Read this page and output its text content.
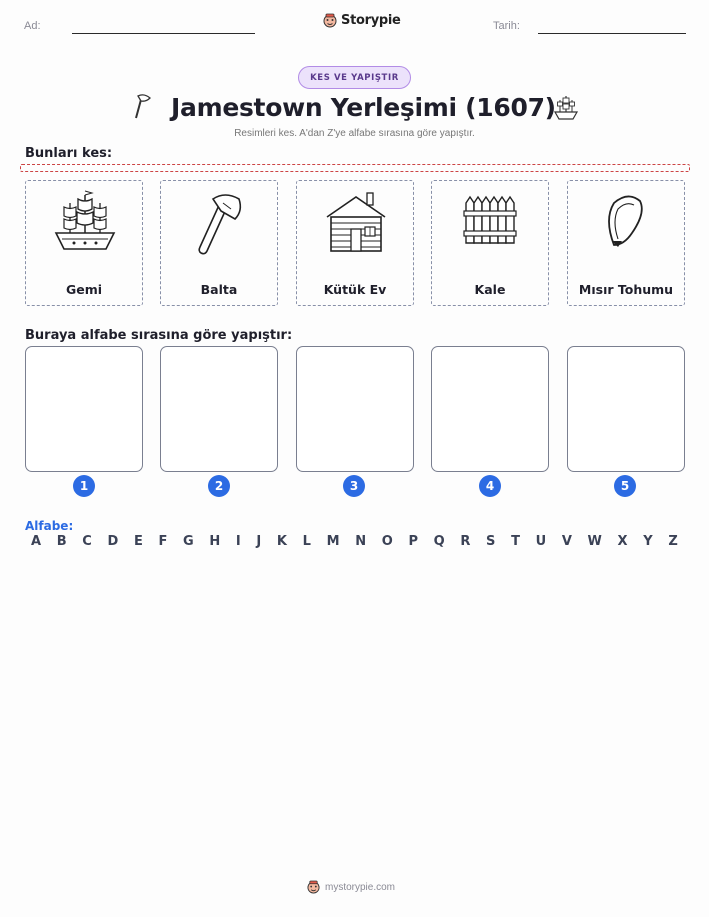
Ad:	Storypie	Tarih:
KES VE YAPIŞTIR
Jamestown Yerleşimi (1607)
Resimleri kes. A'dan Z'ye alfabe sırasına göre yapıştır.
Bunları kes:
Gemi	Balta	Kütük Ev	Kale	Mısır Tohumu
Buraya alfabe sırasına göre yapıştır:
1	2	3	4	5
Alfabe:
A B C D E F G H I J K L M N O P Q R S T U V W X Y Z
mystorypie.com
